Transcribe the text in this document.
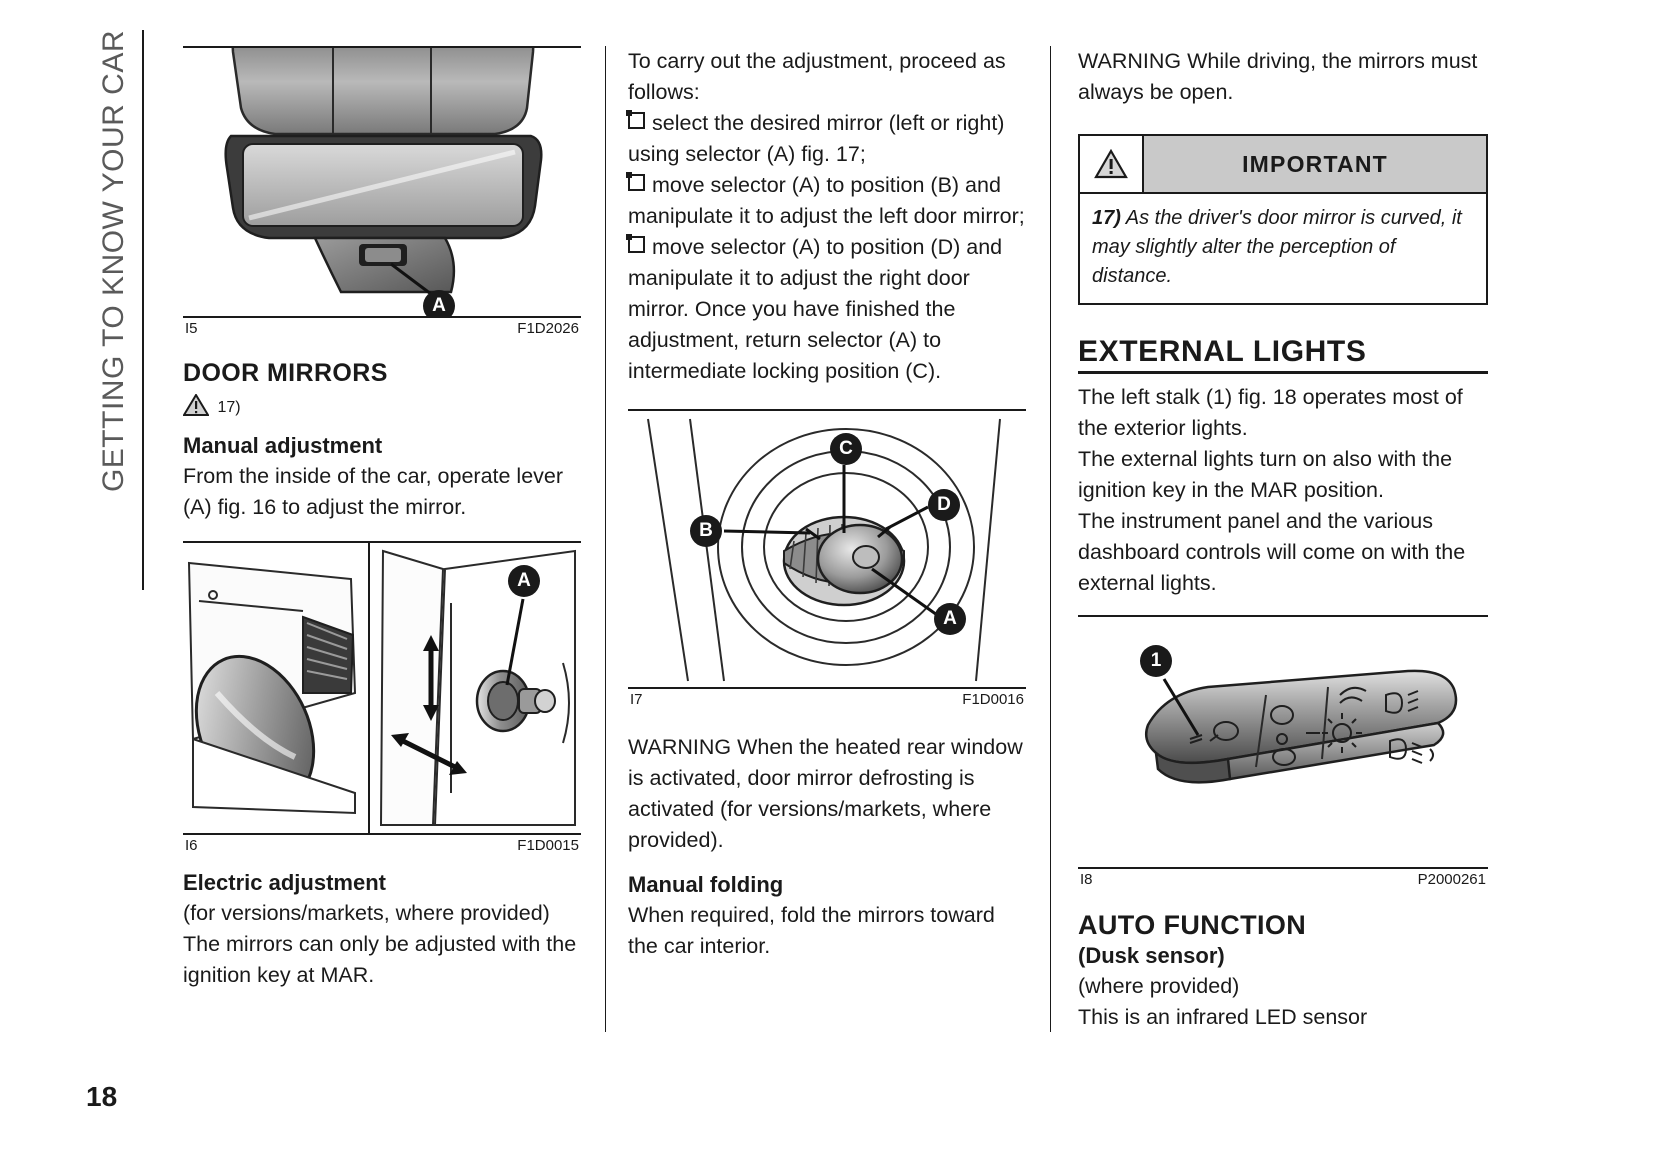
GETTING TO KNOW YOUR CAR	A
I5	F1D2026
DOOR MIRRORS
17)
Manual adjustment

From the inside of the car, operate lever (A) fig. 16 to adjust the mirror.

A
I6	F1D0015
Electric adjustment

(for versions/markets, where provided)

The mirrors can only be adjusted with the ignition key at MAR.

To carry out the adjustment, proceed as follows:

select the desired mirror (left or right) using selector (A) fig. 17;
move selector (A) to position (B) and manipulate it to adjust the left door mirror;
move selector (A) to position (D) and manipulate it to adjust the right door mirror. Once you have finished the adjustment, return selector (A) to intermediate locking position (C).
C
D
B
A
I7	F1D0016

WARNING When the heated rear window is activated, door mirror defrosting is activated (for versions/markets, where provided).

Manual folding

When required, fold the mirrors toward the car interior.

WARNING While driving, the mirrors must always be open.

IMPORTANT
17) As the driver's door mirror is curved, it may slightly alter the perception of distance.
EXTERNAL LIGHTS

The left stalk (1) fig. 18 operates most of the exterior lights.

The external lights turn on also with the ignition key in the MAR position.

The instrument panel and the various dashboard controls will come on with the external lights.

1
I8	P2000261
AUTO FUNCTION

(Dusk sensor)

(where provided)

This is an infrared LED sensor

18
